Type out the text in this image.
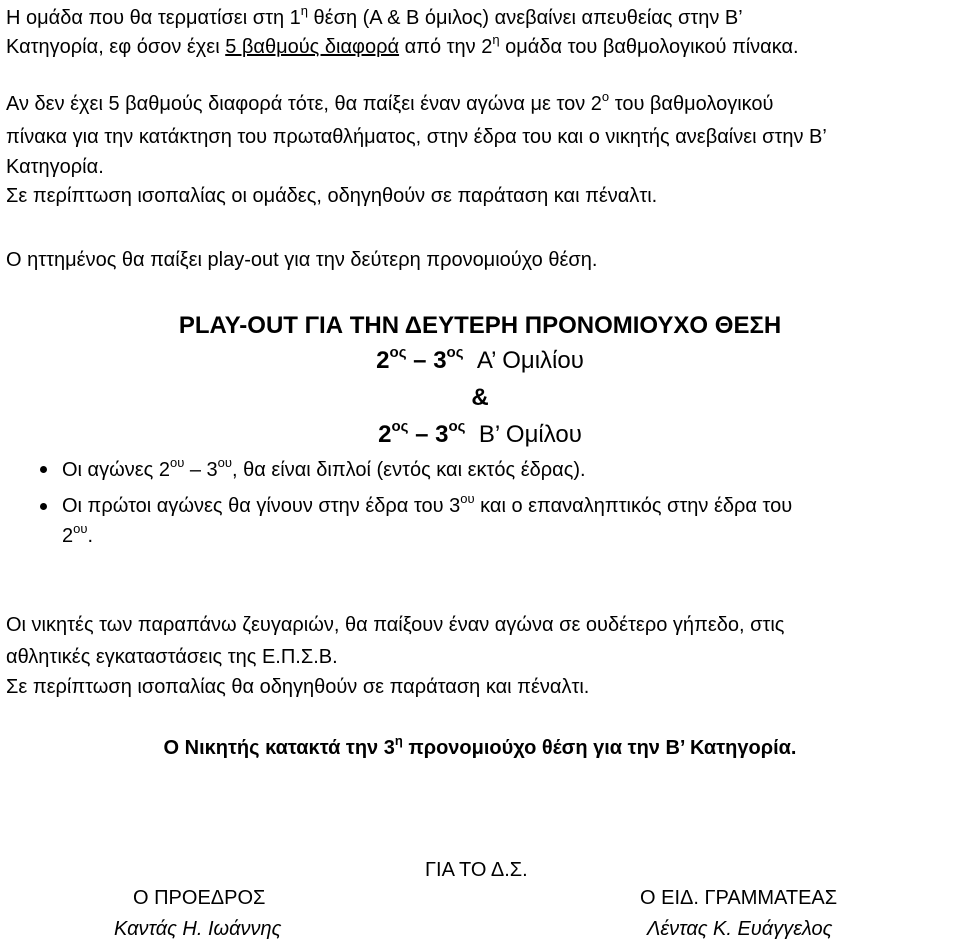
Η ομάδα που θα τερματίσει στη $1^\eta$ θέση (Α & Β όμιλος) ανεβαίνει απευθείας στην Β’
Κατηγορία, εφ όσον έχει 5 βαθμούς διαφορά από την $2^\eta$ ομάδα του βαθμολογικού πίνακα.
Αν δεν έχει 5 βαθμούς διαφορά τότε, θα παίξει έναν αγώνα με τον $2^o$ του βαθμολογικού
πίνακα για την κατάκτηση του πρωταθλήματος, στην έδρα του και ο νικητής ανεβαίνει στην Β’
Κατηγορία.
Σε περίπτωση ισοπαλίας οι ομάδες, οδηγηθούν σε παράταση και πέναλτι.
Ο ηττημένος θα παίξει play-out για την δεύτερη προνομιούχο θέση.
PLAY-OUT ΓΙΑ ΤΗΝ ΔΕΥΤΕΡΗ ΠΡΟΝΟΜΙΟΥΧΟ ΘΕΣΗ
$2^{o\varsigma} - 3^{o\varsigma}$ Α’ Ομιλίου
&
$2^{o\varsigma} - 3^{o\varsigma}$ Β’ Ομίλου
Οι αγώνες $2^{o\upsilon} - 3^{o\upsilon}$, θα είναι διπλοί (εντός και εκτός έδρας).
Οι πρώτοι αγώνες θα γίνουν στην έδρα του $3^{o\upsilon}$ και ο επαναληπτικός στην έδρα του
$2^{o\upsilon}$.
Οι νικητές των παραπάνω ζευγαριών, θα παίξουν έναν αγώνα σε ουδέτερο γήπεδο, στις
αθλητικές εγκαταστάσεις της Ε.Π.Σ.Β.
Σε περίπτωση ισοπαλίας θα οδηγηθούν σε παράταση και πέναλτι.
Ο Νικητής κατακτά την $3^\eta$ προνομιούχο θέση για την Β’ Κατηγορία.
ΓΙΑ ΤΟ Δ.Σ.
Ο ΠΡΟΕΔΡΟΣ
Καντάς Η. Ιωάννης
Ο ΕΙΔ. ΓΡΑΜΜΑΤΕΑΣ
Λέντας Κ. Ευάγγελος
